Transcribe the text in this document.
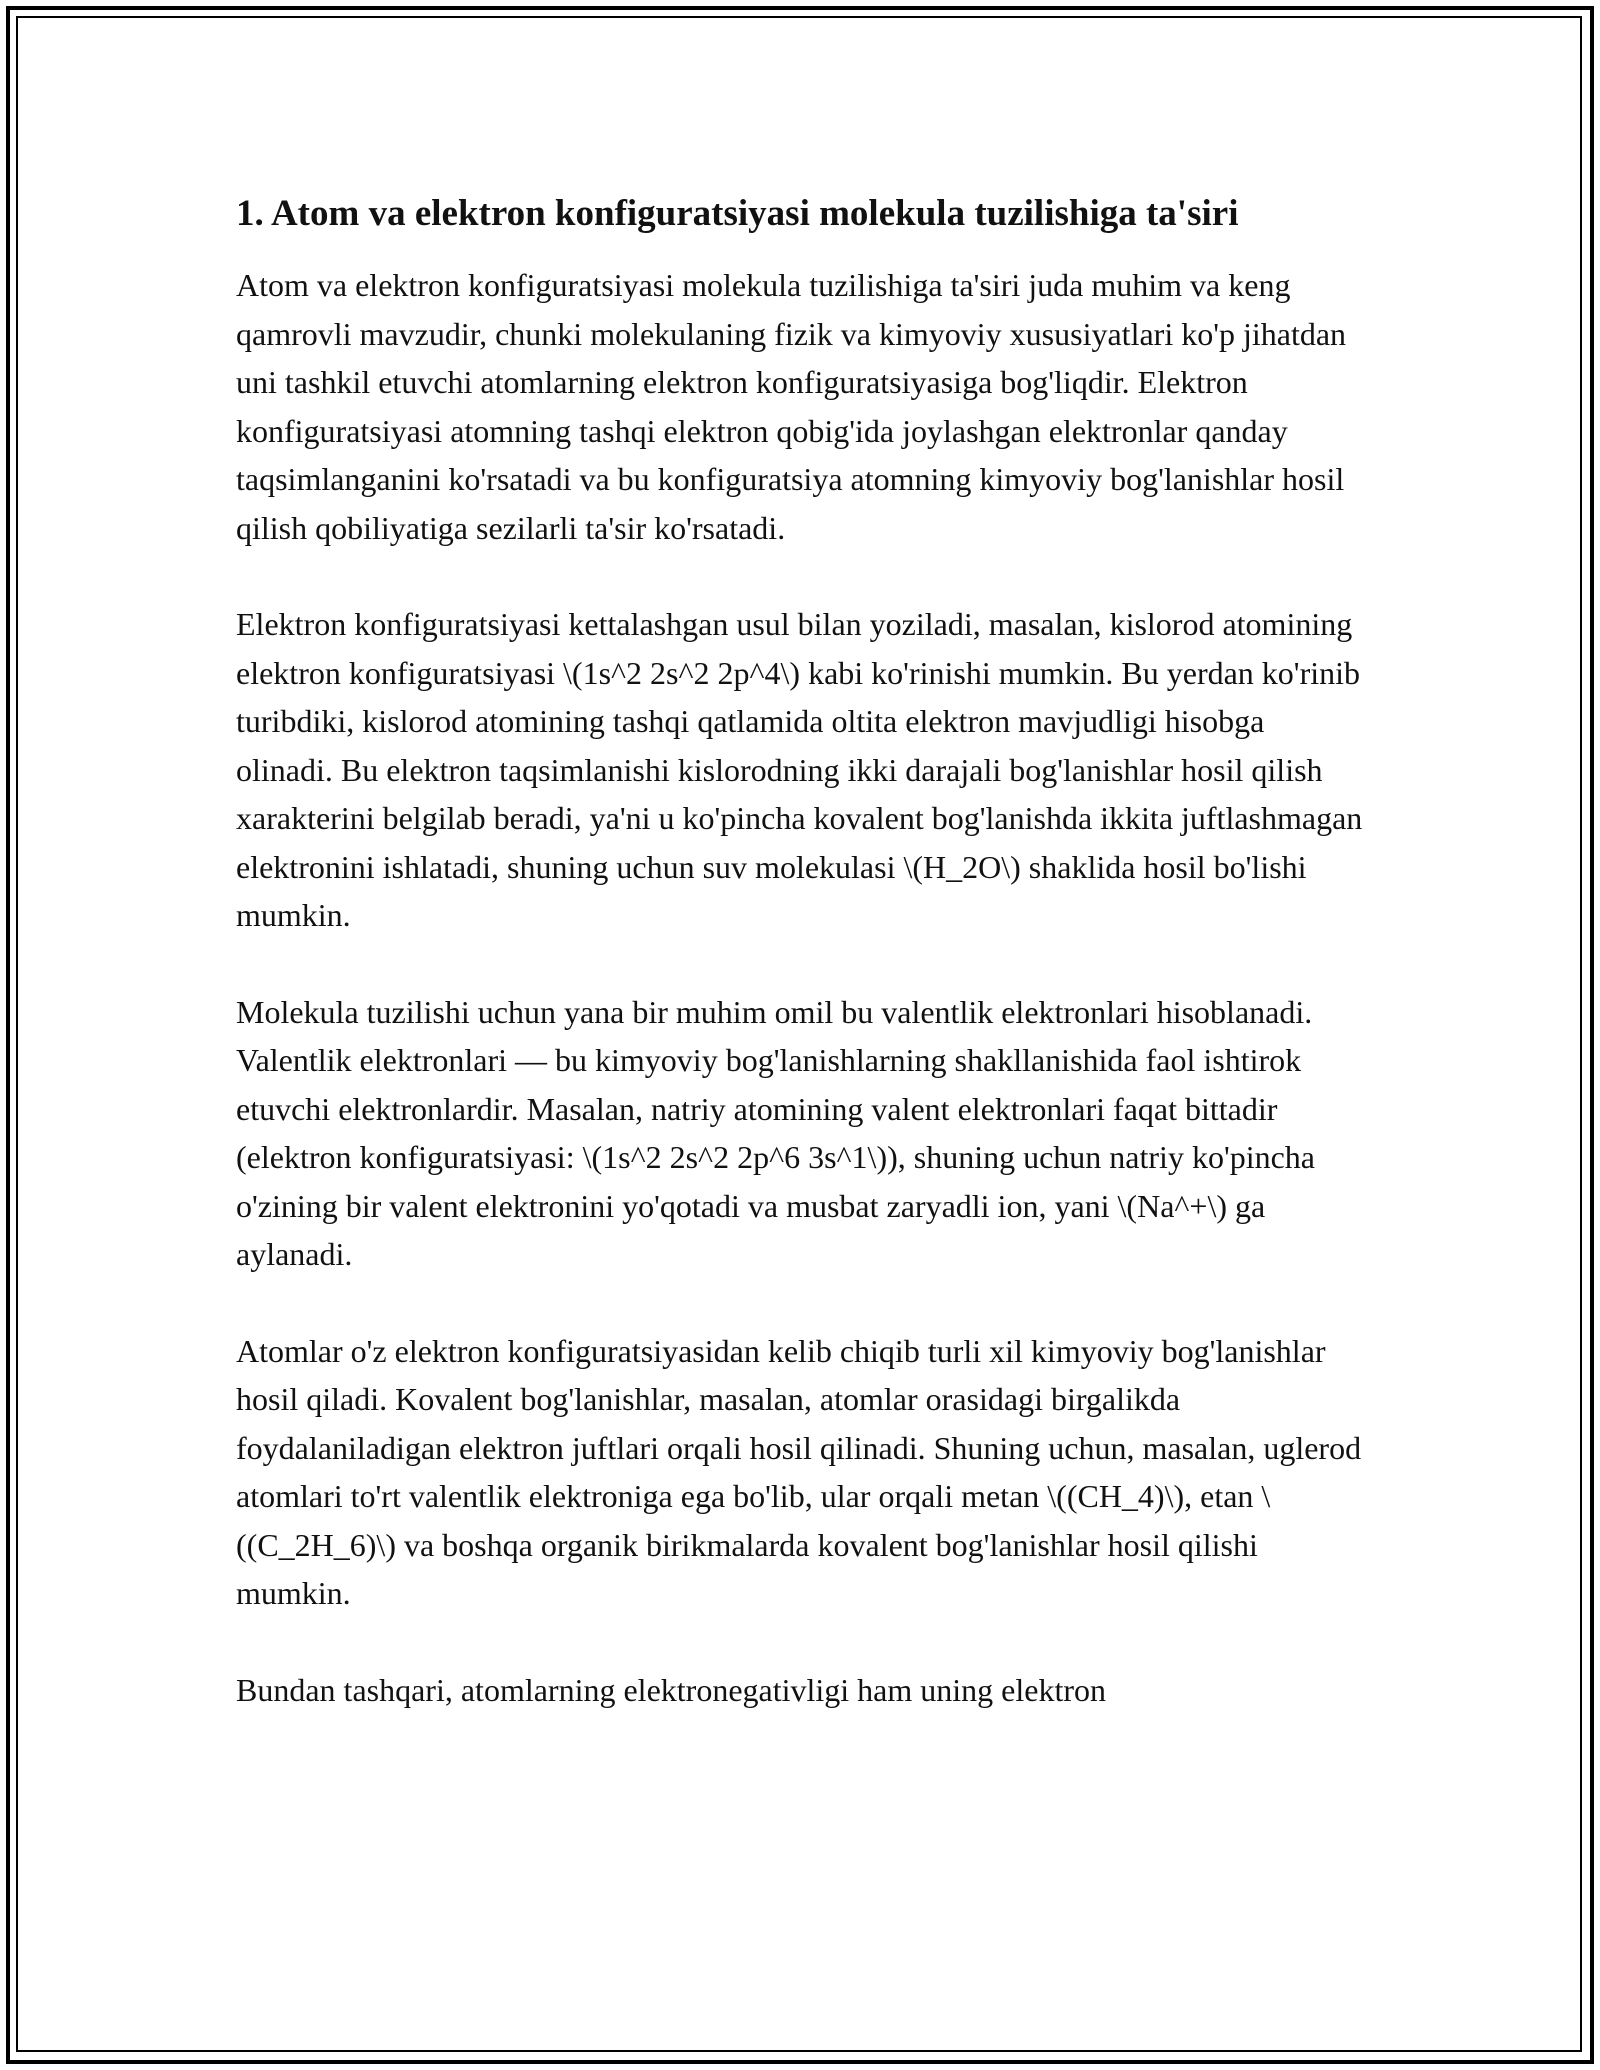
1. Atom va elektron konfiguratsiyasi molekula tuzilishiga ta'siri

Atom va elektron konfiguratsiyasi molekula tuzilishiga ta'siri juda muhim va keng qamrovli mavzudir, chunki molekulaning fizik va kimyoviy xususiyatlari ko'p jihatdan uni tashkil etuvchi atomlarning elektron konfiguratsiyasiga bog'liqdir. Elektron konfiguratsiyasi atomning tashqi elektron qobig'ida joylashgan elektronlar qanday taqsimlanganini ko'rsatadi va bu konfiguratsiya atomning kimyoviy bog'lanishlar hosil qilish qobiliyatiga sezilarli ta'sir ko'rsatadi.

Elektron konfiguratsiyasi kettalashgan usul bilan yoziladi, masalan, kislorod atomining elektron konfiguratsiyasi \(1s^2 2s^2 2p^4\) kabi ko'rinishi mumkin. Bu yerdan ko'rinib turibdiki, kislorod atomining tashqi qatlamida oltita elektron mavjudligi hisobga olinadi. Bu elektron taqsimlanishi kislorodning ikki darajali bog'lanishlar hosil qilish xarakterini belgilab beradi, ya'ni u ko'pincha kovalent bog'lanishda ikkita juftlashmagan elektronini ishlatadi, shuning uchun suv molekulasi \(H_2O\) shaklida hosil bo'lishi mumkin.

Molekula tuzilishi uchun yana bir muhim omil bu valentlik elektronlari hisoblanadi. Valentlik elektronlari — bu kimyoviy bog'lanishlarning shakllanishida faol ishtirok etuvchi elektronlardir. Masalan, natriy atomining valent elektronlari faqat bittadir (elektron konfiguratsiyasi: \(1s^2 2s^2 2p^6 3s^1\)), shuning uchun natriy ko'pincha o'zining bir valent elektronini yo'qotadi va musbat zaryadli ion, yani \(Na^+\) ga aylanadi.

Atomlar o'z elektron konfiguratsiyasidan kelib chiqib turli xil kimyoviy bog'lanishlar hosil qiladi. Kovalent bog'lanishlar, masalan, atomlar orasidagi birgalikda foydalaniladigan elektron juftlari orqali hosil qilinadi. Shuning uchun, masalan, uglerod atomlari to'rt valentlik elektroniga ega bo'lib, ular orqali metan \((CH_4)\), etan \((C_2H_6)\) va boshqa organik birikmalarda kovalent bog'lanishlar hosil qilishi mumkin.

Bundan tashqari, atomlarning elektronegativligi ham uning elektron
